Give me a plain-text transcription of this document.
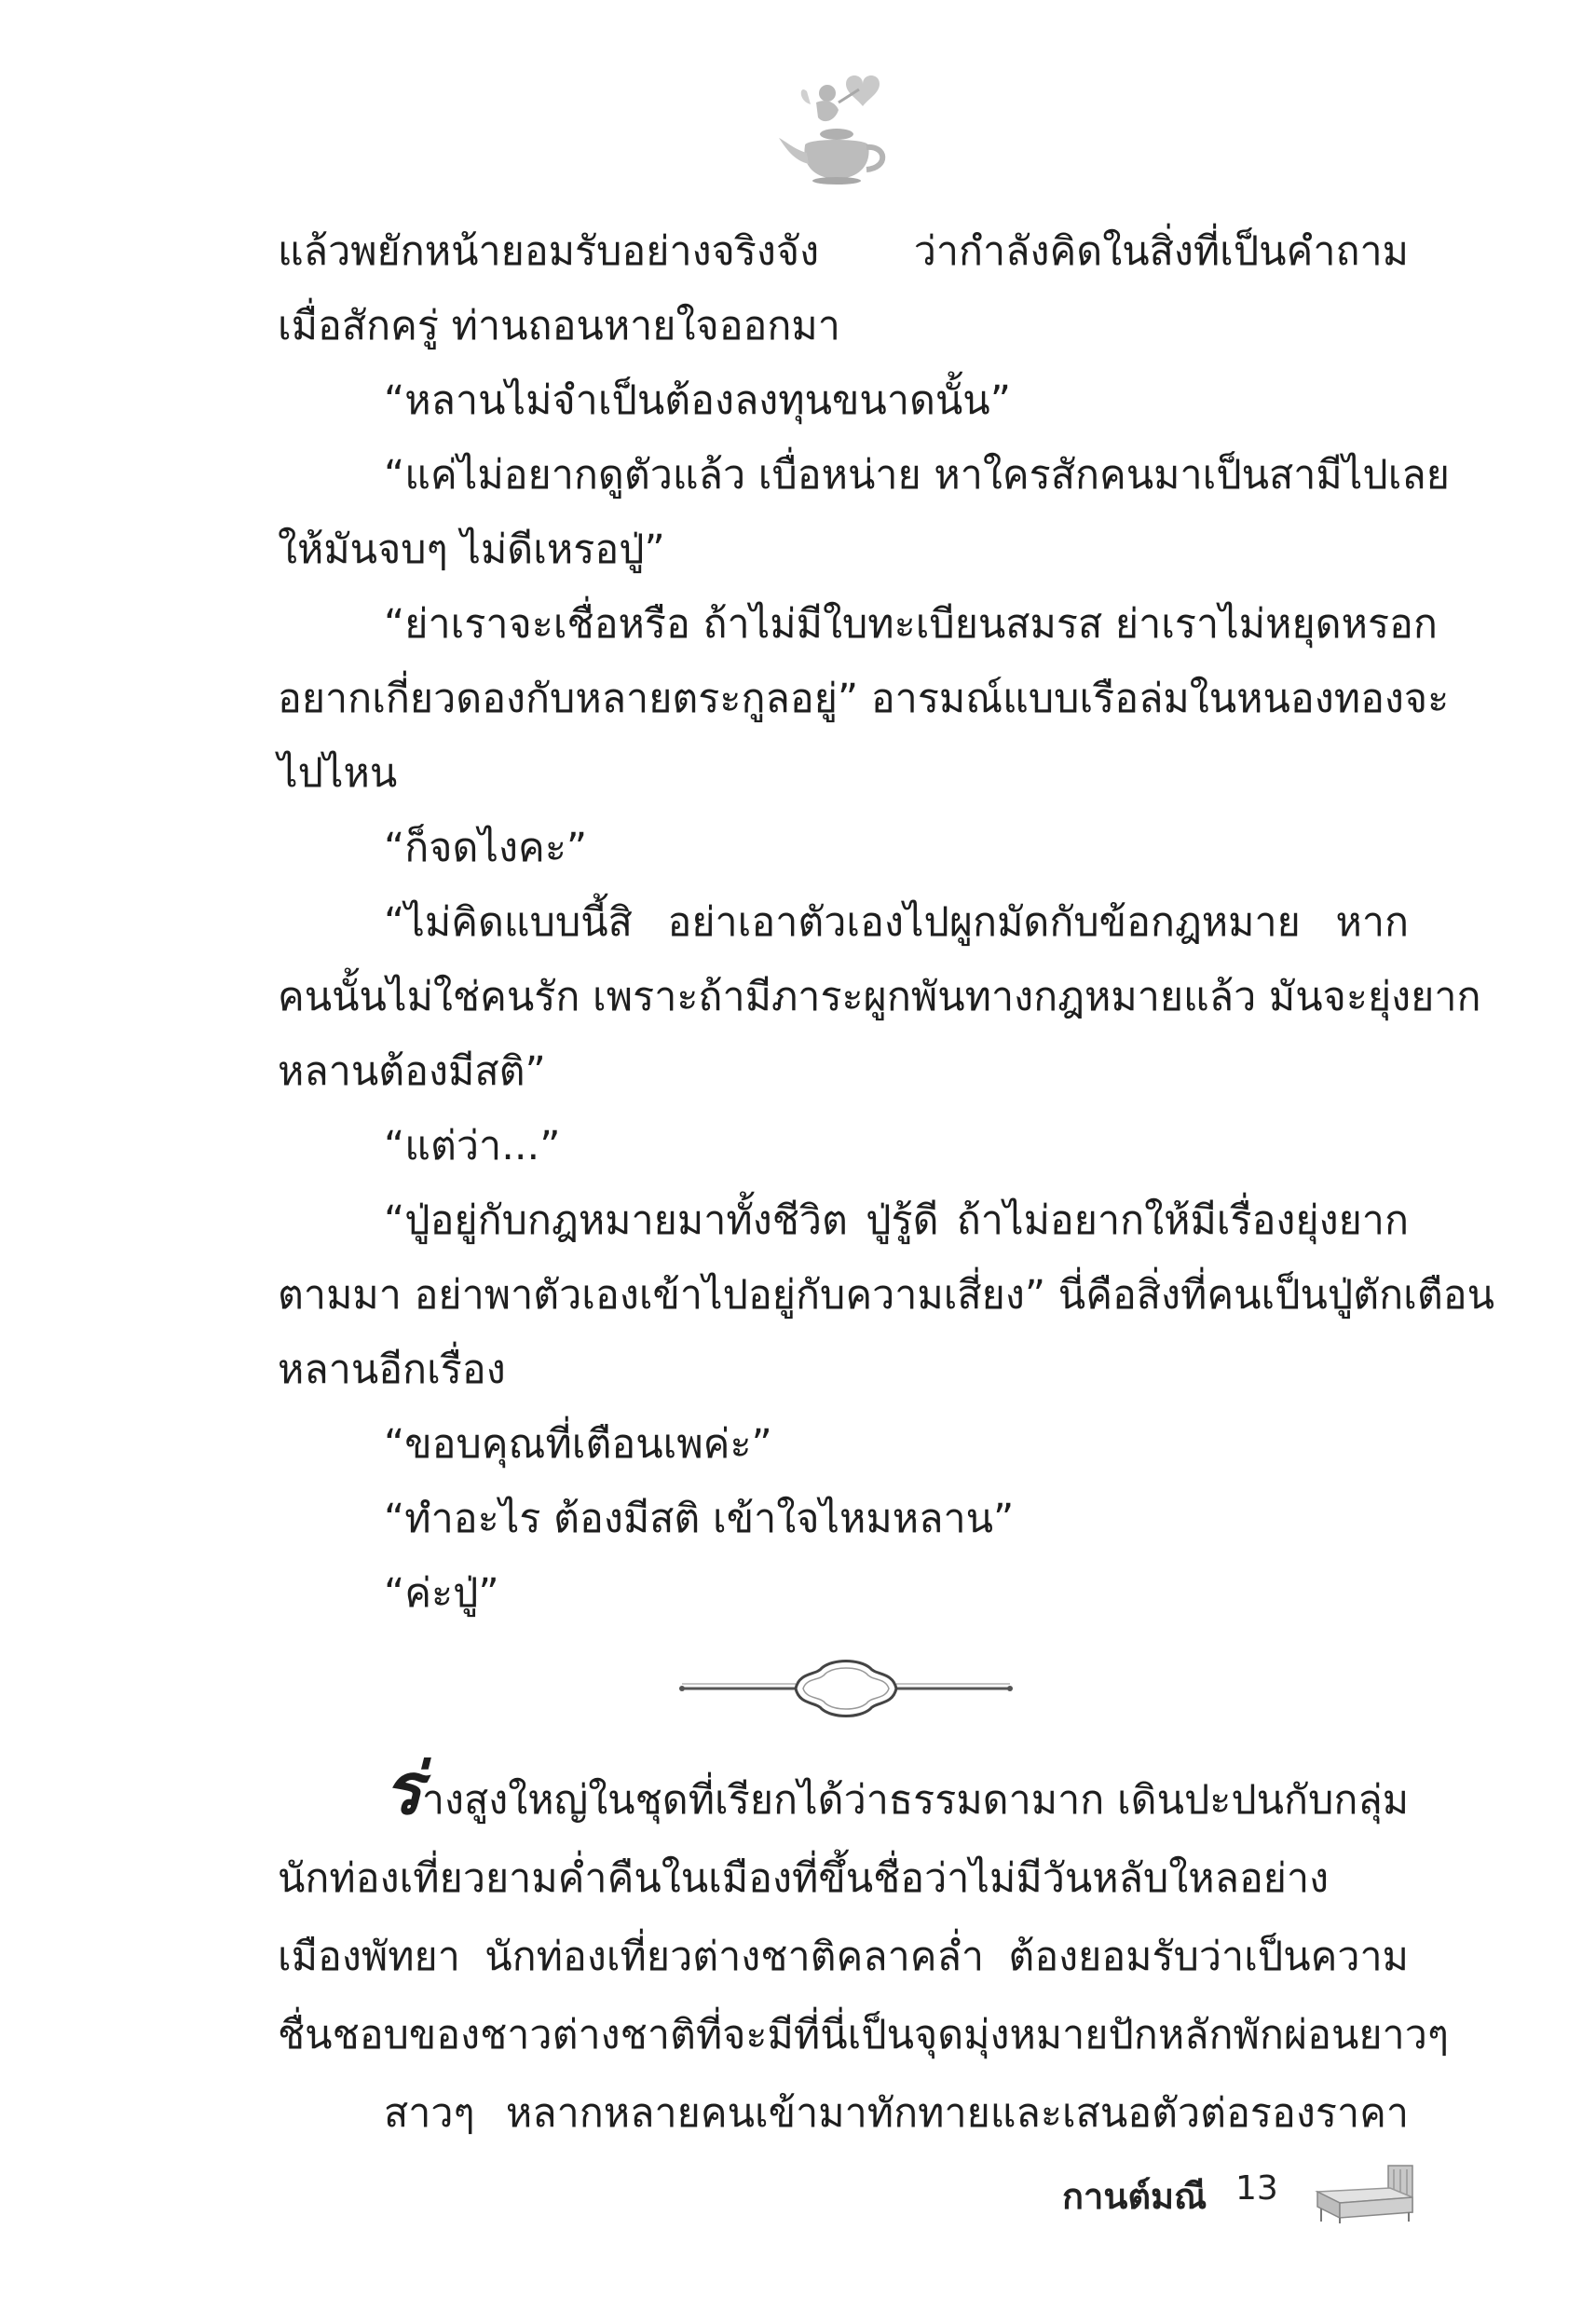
แล้วพยักหน้ายอมรับอย่างจริงจัง ว่ากำลังคิดในสิ่งที่เป็นคำถาม
เมื่อสักครู่ ท่านถอนหายใจออกมา
“หลานไม่จำเป็นต้องลงทุนขนาดนั้น”
“แค่ไม่อยากดูตัวแล้ว เบื่อหน่าย หาใครสักคนมาเป็นสามีไปเลย
ให้มันจบๆ ไม่ดีเหรอปู่”
“ย่าเราจะเชื่อหรือ ถ้าไม่มีใบทะเบียนสมรส ย่าเราไม่หยุดหรอก
อยากเกี่ยวดองกับหลายตระกูลอยู่” อารมณ์แบบเรือล่มในหนองทองจะ
ไปไหน
“ก็จดไงคะ”
“ไม่คิดแบบนี้สิ อย่าเอาตัวเองไปผูกมัดกับข้อกฎหมาย หาก
คนนั้นไม่ใช่คนรัก เพราะถ้ามีภาระผูกพันทางกฎหมายแล้ว มันจะยุ่งยาก
หลานต้องมีสติ”
“แต่ว่า...”
“ปู่อยู่กับกฎหมายมาทั้งชีวิต ปู่รู้ดี ถ้าไม่อยากให้มีเรื่องยุ่งยาก
ตามมา อย่าพาตัวเองเข้าไปอยู่กับความเสี่ยง” นี่คือสิ่งที่คนเป็นปู่ตักเตือน
หลานอีกเรื่อง
“ขอบคุณที่เตือนเพค่ะ”
“ทำอะไร ต้องมีสติ เข้าใจไหมหลาน”
“ค่ะปู่”
ร่างสูงใหญ่ในชุดที่เรียกได้ว่าธรรมดามาก เดินปะปนกับกลุ่ม
นักท่องเที่ยวยามค่ำคืนในเมืองที่ขึ้นชื่อว่าไม่มีวันหลับใหลอย่าง
เมืองพัทยา นักท่องเที่ยวต่างชาติคลาคล่ำ ต้องยอมรับว่าเป็นความ
ชื่นชอบของชาวต่างชาติที่จะมีที่นี่เป็นจุดมุ่งหมายปักหลักพักผ่อนยาวๆ
สาวๆ หลากหลายคนเข้ามาทักทายและเสนอตัวต่อรองราคา
กานต์มณี 13
